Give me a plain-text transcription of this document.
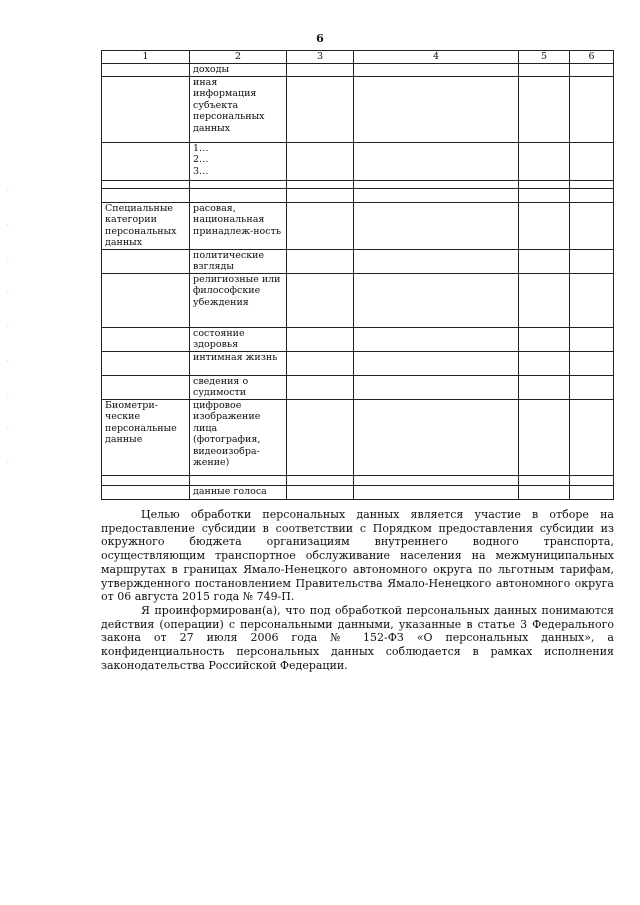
6
·
·
·
·
·
·
·
·
·
1	2	3	4	5	6
	доходы				
	иная информация субъекта персональных данных				
	1…
2…
3…				

Специальные категории персональных данных	расовая, национальная принадлеж-ность				
	политические взгляды				
	религиозные или философские убеждения				
	состояние здоровья				
	интимная жизнь				
	сведения о судимости				
Биометри-ческие персональные данные	цифровое изображение лица (фотография, видеоизобра-жение)				

	данные голоса				

Целью обработки персональных данных является участие в отборе на предоставление субсидии в соответствии с Порядком предоставления субсидии из окружного бюджета организациям внутреннего водного транспорта, осуществляющим транспортное обслуживание населения на межмуниципальных маршрутах в границах Ямало-Ненецкого автономного округа по льготным тарифам, утвержденного постановлением Правительства Ямало-Ненецкого автономного округа от 06 августа 2015 года № 749-П.

Я проинформирован(а), что под обработкой персональных данных понимаются действия (операции) с персональными данными, указанные в статье 3 Федерального закона от 27 июля 2006 года № 152-ФЗ «О персональных данных», а конфиденциальность персональных данных соблюдается в рамках исполнения законодательства Российской Федерации.
